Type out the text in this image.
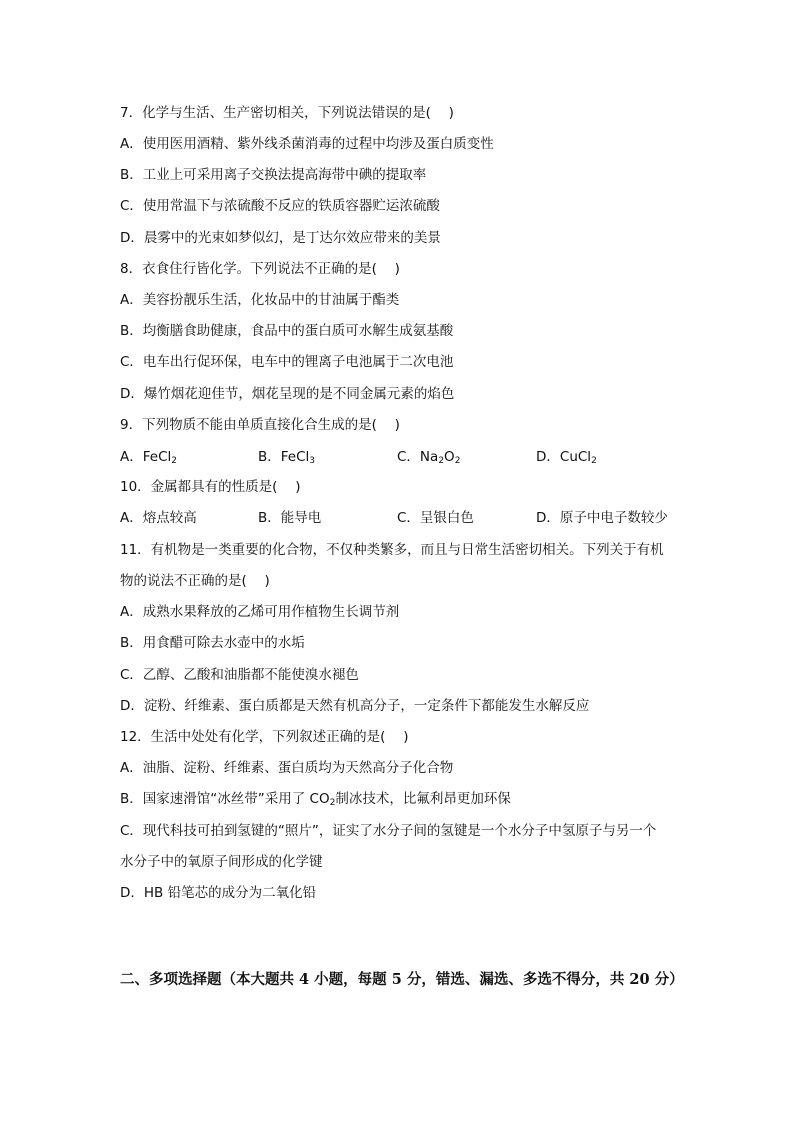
7．化学与生活、生产密切相关，下列说法错误的是(　 )
A．使用医用酒精、紫外线杀菌消毒的过程中均涉及蛋白质变性
B．工业上可采用离子交换法提高海带中碘的提取率
C．使用常温下与浓硫酸不反应的铁质容器贮运浓硫酸
D．晨雾中的光束如梦似幻，是丁达尔效应带来的美景
8．衣食住行皆化学。下列说法不正确的是(　 )
A．美容扮靓乐生活，化妆品中的甘油属于酯类
B．均衡膳食助健康，食品中的蛋白质可水解生成氨基酸
C．电车出行促环保，电车中的锂离子电池属于二次电池
D．爆竹烟花迎佳节，烟花呈现的是不同金属元素的焰色
9．下列物质不能由单质直接化合生成的是(　 )
A．FeCl$_2$	B．FeCl$_3$	C．$Na_2O_2$	D．CuCl$_2$
10．金属都具有的性质是(　 )
A．熔点较高	B．能导电	C．呈银白色	D．原子中电子数较少
11．有机物是一类重要的化合物，不仅种类繁多，而且与日常生活密切相关。下列关于有机
物的说法不正确的是(　 )
A．成熟水果释放的乙烯可用作植物生长调节剂
B．用食醋可除去水壶中的水垢
C．乙醇、乙酸和油脂都不能使溴水褪色
D．淀粉、纤维素、蛋白质都是天然有机高分子，一定条件下都能发生水解反应
12．生活中处处有化学，下列叙述正确的是(　 )
A．油脂、淀粉、纤维素、蛋白质均为天然高分子化合物
B．国家速滑馆“冰丝带”采用了 $CO_2$制冰技术，比氟利昂更加环保
C．现代科技可拍到氢键的“照片”，证实了水分子间的氢键是一个水分子中氢原子与另一个
水分子中的氧原子间形成的化学键
D．HB 铅笔芯的成分为二氧化铅
二、多项选择题（本大题共 4 小题，每题 5 分，错选、漏选、多选不得分，共 20 分）
